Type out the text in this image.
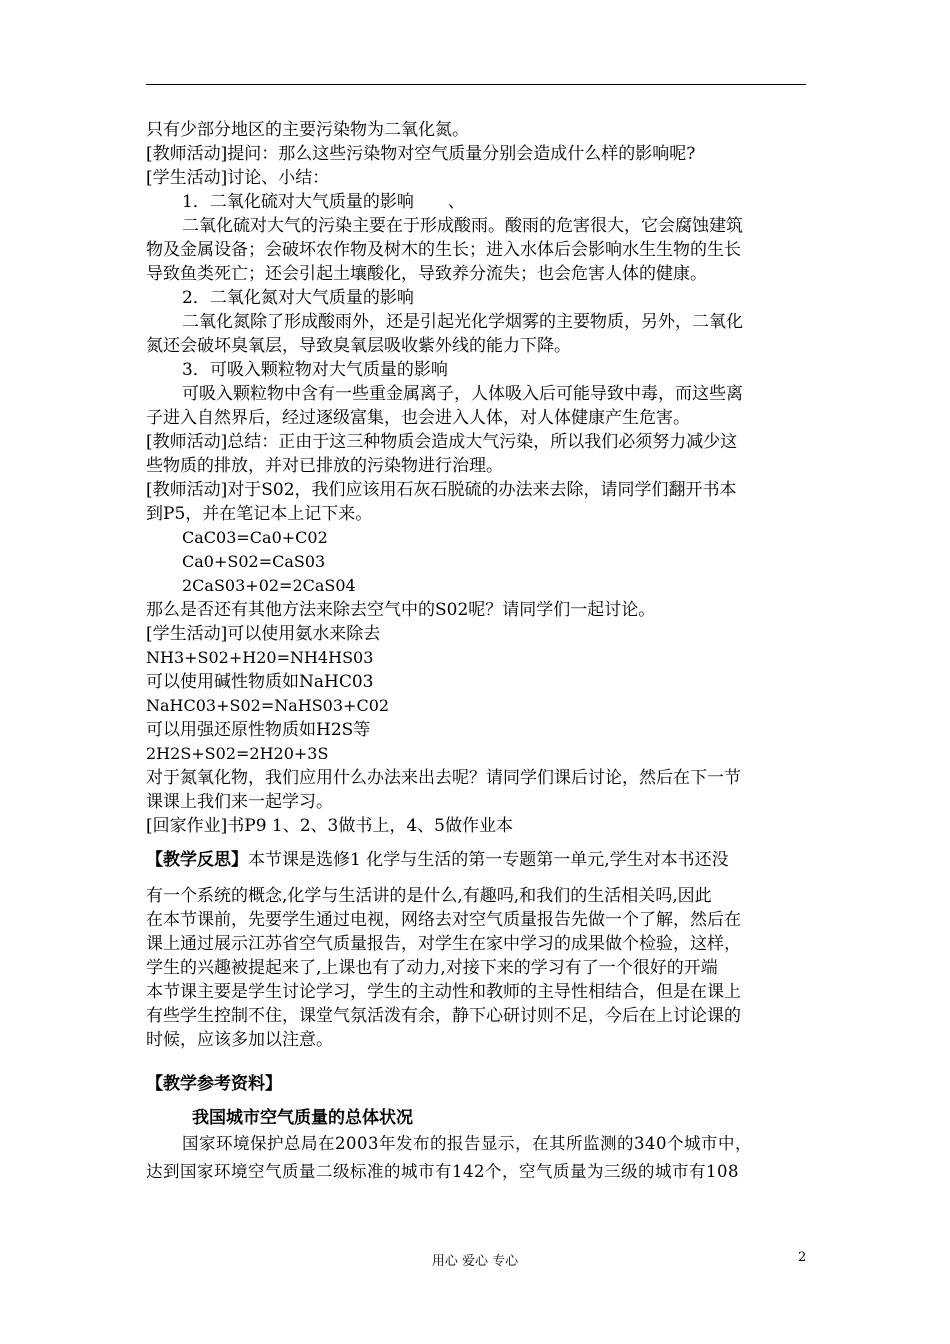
只有少部分地区的主要污染物为二氧化氮。
[教师活动]提问：那么这些污染物对空气质量分别会造成什么样的影响呢?
[学生活动]讨论、小结：
1．二氧化硫对大气质量的影响　　、
二氧化硫对大气的污染主要在于形成酸雨。酸雨的危害很大，它会腐蚀建筑
物及金属设备；会破坏农作物及树木的生长；进入水体后会影响水生生物的生长
导致鱼类死亡；还会引起土壤酸化，导致养分流失；也会危害人体的健康。
2．二氧化氮对大气质量的影响
二氧化氮除了形成酸雨外，还是引起光化学烟雾的主要物质，另外，二氧化
氮还会破坏臭氧层，导致臭氧层吸收紫外线的能力下降。
3．可吸入颗粒物对大气质量的影响
可吸入颗粒物中含有一些重金属离子，人体吸入后可能导致中毒，而这些离
子进入自然界后，经过逐级富集，也会进入人体，对人体健康产生危害。
[教师活动]总结：正由于这三种物质会造成大气污染，所以我们必须努力减少这
些物质的排放，并对已排放的污染物进行治理。
[教师活动]对于S02，我们应该用石灰石脱硫的办法来去除，请同学们翻开书本
到P5，并在笔记本上记下来。
CaC03=Ca0+C02
Ca0+S02=CaS03
2CaS03+02=2CaS04
那么是否还有其他方法来除去空气中的S02呢？请同学们一起讨论。
[学生活动]可以使用氨水来除去
NH3+S02+H20=NH4HS03
可以使用碱性物质如NaHC03
NaHC03+S02=NaHS03+C02
可以用强还原性物质如H2S等
2H2S+S02=2H20+3S
对于氮氧化物，我们应用什么办法来出去呢？请同学们课后讨论，然后在下一节
课课上我们来一起学习。
[回家作业]书P9 1、2、3做书上，4、5做作业本
【教学反思】本节课是选修1 化学与生活的第一专题第一单元,学生对本书还没
有一个系统的概念,化学与生活讲的是什么,有趣吗,和我们的生活相关吗,因此
在本节课前，先要学生通过电视，网络去对空气质量报告先做一个了解，然后在
课上通过展示江苏省空气质量报告，对学生在家中学习的成果做个检验，这样，
学生的兴趣被提起来了,上课也有了动力,对接下来的学习有了一个很好的开端
本节课主要是学生讨论学习，学生的主动性和教师的主导性相结合，但是在课上
有些学生控制不住，课堂气氛活泼有余，静下心研讨则不足，今后在上讨论课的
时候，应该多加以注意。
【教学参考资料】
我国城市空气质量的总体状况
国家环境保护总局在2003年发布的报告显示，在其所监测的340个城市中，
达到国家环境空气质量二级标准的城市有142个，空气质量为三级的城市有108
用心 爱心 专心	2
